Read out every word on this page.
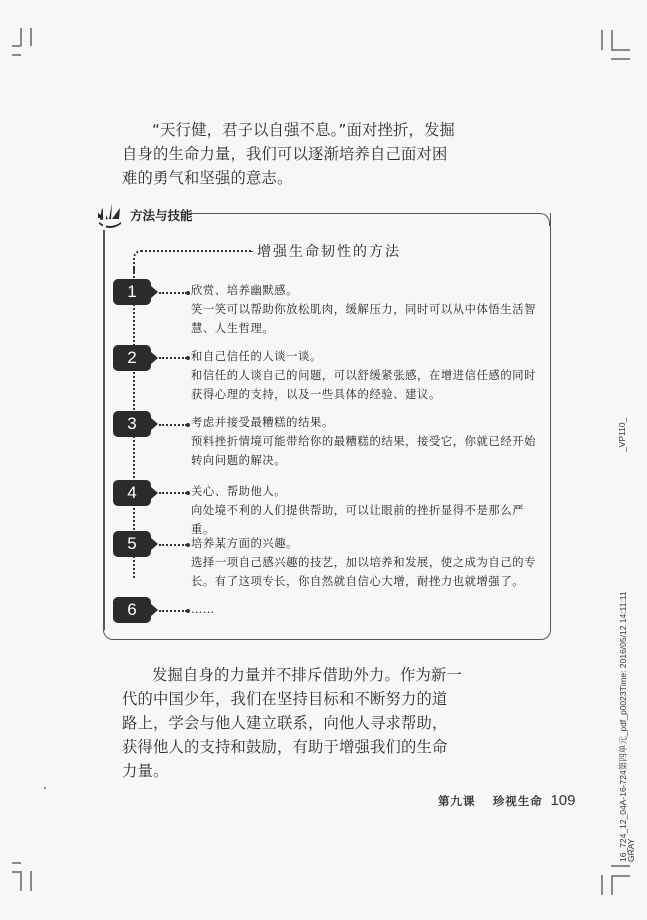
“天行健，君子以自强不息。”面对挫折，发掘自身的生命力量，我们可以逐渐培养自己面对困难的勇气和坚强的意志。
方法与技能
增强生命韧性的方法
1	欣赏、培养幽默感。
笑一笑可以帮助你放松肌肉，缓解压力，同时可以从中体悟生活智慧、人生哲理。
2	和自己信任的人谈一谈。
和信任的人谈自己的问题，可以舒缓紧张感，在增进信任感的同时获得心理的支持，以及一些具体的经验、建议。
3	考虑并接受最糟糕的结果。
预料挫折情境可能带给你的最糟糕的结果，接受它，你就已经开始转向问题的解决。
4	关心、帮助他人。
向处境不利的人们提供帮助，可以让眼前的挫折显得不是那么严重。
5	培养某方面的兴趣。
选择一项自己感兴趣的技艺，加以培养和发展，使之成为自己的专长。有了这项专长，你自然就自信心大增，耐挫力也就增强了。
6	……
发掘自身的力量并不排斥借助外力。作为新一代的中国少年，我们在坚持目标和不断努力的道路上，学会与他人建立联系，向他人寻求帮助，获得他人的支持和鼓励，有助于增强我们的生命力量。
第九课 珍视生命 109
_VP110_
16_724_12_04A-16-724第四单元_pdf_p0023Time: 2016/05/12 14:11:11
GRAY
